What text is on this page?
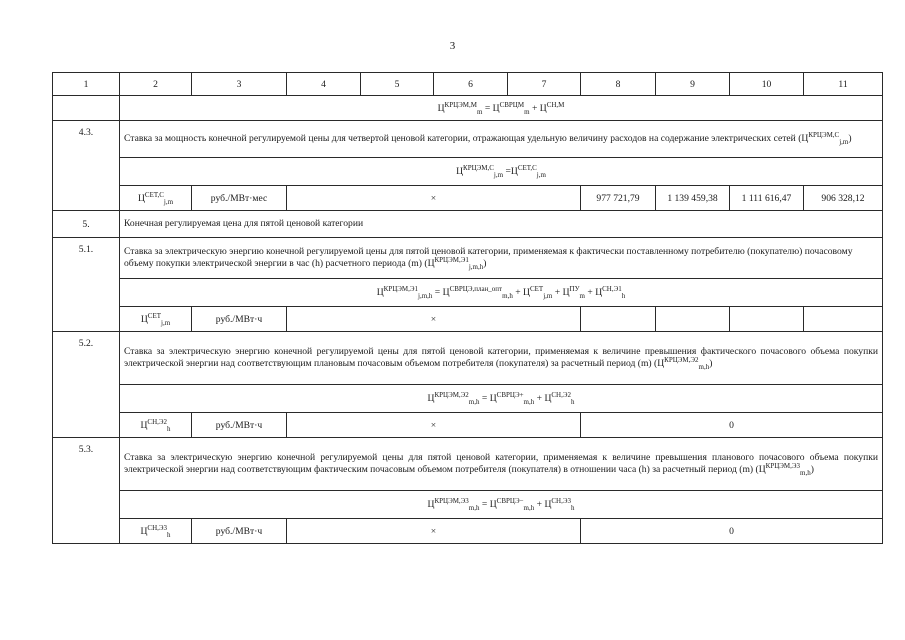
3
1	2	3	4	5	6	7	8	9	10	11
	$Ц^{КРЦЭМ,М}_m = Ц^{СВРЦМ}_m + Ц^{СН,М}$
4.3.	Ставка за мощность конечной регулируемой цены для четвертой ценовой категории, отражающая удельную величину расходов на содержание электрических сетей $(Ц^{КРЦЭМ,С}_{j,m})$									
	$Ц^{КРЦЭМ,С}_{j,m} =Ц^{СЕТ,С}_{j,m}$
	$Ц^{СЕТ,С}_{j,m}$	руб./МВт·мес	×				977 721,79	1 139 459,38	1 111 616,47	906 328,12
5.	Конечная регулируемая цена для пятой ценовой категории									
5.1.	Ставка за электрическую энергию конечной регулируемой цены для пятой ценовой категории, применяемая к фактически поставленному потребителю (покупателю) почасовому объему покупки электрической энергии в час (h) расчетного периода (m) $(Ц^{КРЦЭМ,Э1}_{j,m,h})$									
	$Ц^{КРЦЭМ,Э1}_{j,m,h} = Ц^{СВРЦЭ,план\_опт}_{m,h} + Ц^{СЕТ}_{j,m} + Ц^{ПУ}_m + Ц^{СН,Э1}_h$
	$Ц^{СЕТ}_{j,m}$	руб./МВт·ч	×							
5.2.	Ставка за электрическую энергию конечной регулируемой цены для пятой ценовой категории, применяемая к величине превышения фактического почасового объема покупки электрической энергии над соответствующим плановым почасовым объемом потребителя (покупателя) за расчетный период (m) $(Ц^{КРЦЭМ,Э2}_{m,h})$									
	$Ц^{КРЦЭМ,Э2}_{m,h} = Ц^{СВРЦЭ+}_{m,h} + Ц^{СН,Э2}_h$
	$Ц^{СН,Э2}_h$	руб./МВт·ч	×				0			
5.3.	Ставка за электрическую энергию конечной регулируемой цены для пятой ценовой категории, применяемая к величине превышения планового почасового объема покупки электрической энергии над соответствующим фактическим почасовым объемом потребителя (покупателя) в отношении часа (h) за расчетный период (m) $(Ц^{КРЦЭМ,Э3}_{m,h})$									
	$Ц^{КРЦЭМ,Э3}_{m,h} = Ц^{СВРЦЭ-}_{m,h} + Ц^{СН,Э3}_h$
	$Ц^{СН,Э3}_h$	руб./МВт·ч	×				0			
